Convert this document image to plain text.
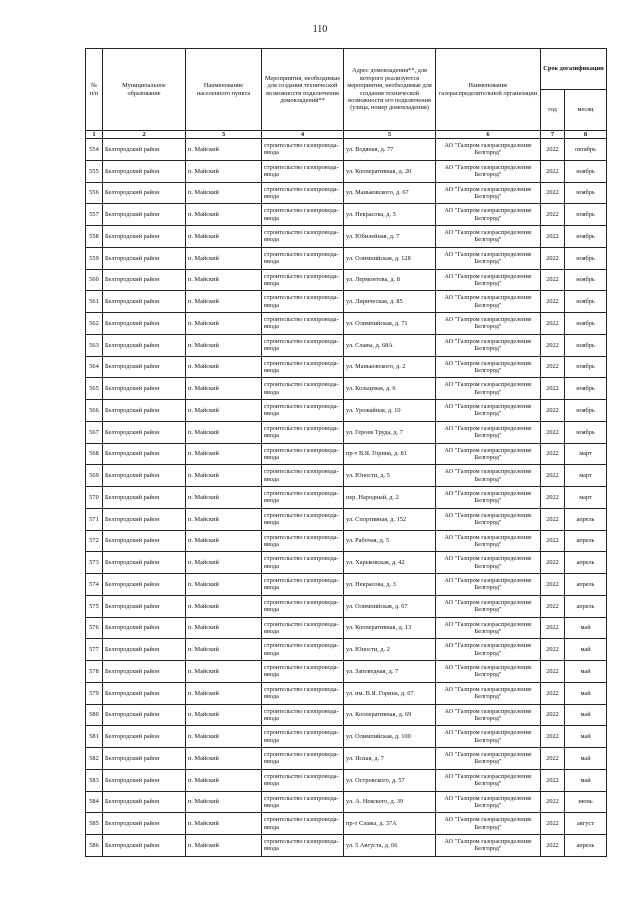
110
№ п/п	Муниципальное образование	Наименование населенного пункта	Мероприятия, необходимые для создания технической возможности подключения домовладений**	Адрес домовладения**, для которого реализуются мероприятия, необходимые для создания технической возможности его подключения (улица, номер домовладения)	Наименование газораспределительной организации	Срок догазификации	
						год	месяц
1	2	3	4	5	6	7	8
554	Белгородский район	п. Майский	строительство газопровода-ввода	ул. Водяная, д. 77	АО "Газпром газораспределение Белгород"	2022	октябрь
555	Белгородский район	п. Майский	строительство газопровода-ввода	ул. Кооперативная, д. 20	АО "Газпром газораспределение Белгород"	2022	ноябрь
556	Белгородский район	п. Майский	строительство газопровода-ввода	ул. Маньковского, д. 67	АО "Газпром газораспределение Белгород"	2022	ноябрь
557	Белгородский район	п. Майский	строительство газопровода-ввода	ул. Некрасова, д. 5	АО "Газпром газораспределение Белгород"	2022	ноябрь
558	Белгородский район	п. Майский	строительство газопровода-ввода	ул. Юбилейная, д. 7	АО "Газпром газораспределение Белгород"	2022	ноябрь
559	Белгородский район	п. Майский	строительство газопровода-ввода	ул. Олимпийская, д. 128	АО "Газпром газораспределение Белгород"	2022	ноябрь
560	Белгородский район	п. Майский	строительство газопровода-ввода	ул. Лермонтова, д. 8	АО "Газпром газораспределение Белгород"	2022	ноябрь
561	Белгородский район	п. Майский	строительство газопровода-ввода	ул. Лирическая, д. 85	АО "Газпром газораспределение Белгород"	2022	ноябрь
562	Белгородский район	п. Майский	строительство газопровода-ввода	ул. Олимпийская, д. 71	АО "Газпром газораспределение Белгород"	2022	ноябрь
563	Белгородский район	п. Майский	строительство газопровода-ввода	ул. Славы, д. 68А	АО "Газпром газораспределение Белгород"	2022	ноябрь
564	Белгородский район	п. Майский	строительство газопровода-ввода	ул. Маньковского, д. 2	АО "Газпром газораспределение Белгород"	2022	ноябрь
565	Белгородский район	п. Майский	строительство газопровода-ввода	ул. Кольцевая, д. 6	АО "Газпром газораспределение Белгород"	2022	ноябрь
566	Белгородский район	п. Майский	строительство газопровода-ввода	ул. Урожайная, д. 10	АО "Газпром газораспределение Белгород"	2022	ноябрь
567	Белгородский район	п. Майский	строительство газопровода-ввода	ул. Героев Труда, д. 7	АО "Газпром газораспределение Белгород"	2022	ноябрь
568	Белгородский район	п. Майский	строительство газопровода-ввода	пр-т В.Я. Горина, д. 81	АО "Газпром газораспределение Белгород"	2022	март
569	Белгородский район	п. Майский	строительство газопровода-ввода	ул. Юности, д. 5	АО "Газпром газораспределение Белгород"	2022	март
570	Белгородский район	п. Майский	строительство газопровода-ввода	пер. Народный, д. 2	АО "Газпром газораспределение Белгород"	2022	март
571	Белгородский район	п. Майский	строительство газопровода-ввода	ул. Спортивная, д. 152	АО "Газпром газораспределение Белгород"	2022	апрель
572	Белгородский район	п. Майский	строительство газопровода-ввода	ул. Рабочая, д. 5	АО "Газпром газораспределение Белгород"	2022	апрель
573	Белгородский район	п. Майский	строительство газопровода-ввода	ул. Харьковская, д. 42	АО "Газпром газораспределение Белгород"	2022	апрель
574	Белгородский район	п. Майский	строительство газопровода-ввода	ул. Некрасова, д. 3	АО "Газпром газораспределение Белгород"	2022	апрель
575	Белгородский район	п. Майский	строительство газопровода-ввода	ул. Олимпийская, д. 67	АО "Газпром газораспределение Белгород"	2022	апрель
576	Белгородский район	п. Майский	строительство газопровода-ввода	ул. Кооперативная, д. 13	АО "Газпром газораспределение Белгород"	2022	май
577	Белгородский район	п. Майский	строительство газопровода-ввода	ул. Юности, д. 2	АО "Газпром газораспределение Белгород"	2022	май
578	Белгородский район	п. Майский	строительство газопровода-ввода	ул. Заповедная, д. 7	АО "Газпром газораспределение Белгород"	2022	май
579	Белгородский район	п. Майский	строительство газопровода-ввода	ул. им. В.Я. Горина, д. 67	АО "Газпром газораспределение Белгород"	2022	май
580	Белгородский район	п. Майский	строительство газопровода-ввода	ул. Кооперативная, д. 69	АО "Газпром газораспределение Белгород"	2022	май
581	Белгородский район	п. Майский	строительство газопровода-ввода	ул. Олимпийская, д. 100	АО "Газпром газораспределение Белгород"	2022	май
582	Белгородский район	п. Майский	строительство газопровода-ввода	ул. Ясная, д. 7	АО "Газпром газораспределение Белгород"	2022	май
583	Белгородский район	п. Майский	строительство газопровода-ввода	ул. Островского, д. 57	АО "Газпром газораспределение Белгород"	2022	май
584	Белгородский район	п. Майский	строительство газопровода-ввода	ул. А. Невского, д. 39	АО "Газпром газораспределение Белгород"	2022	июнь
585	Белгородский район	п. Майский	строительство газопровода-ввода	пр-т Славы, д. 37А	АО "Газпром газораспределение Белгород"	2022	август
586	Белгородский район	п. Майский	строительство газопровода-ввода	ул. 5 Августа, д. 66	АО "Газпром газораспределение Белгород"	2022	апрель
